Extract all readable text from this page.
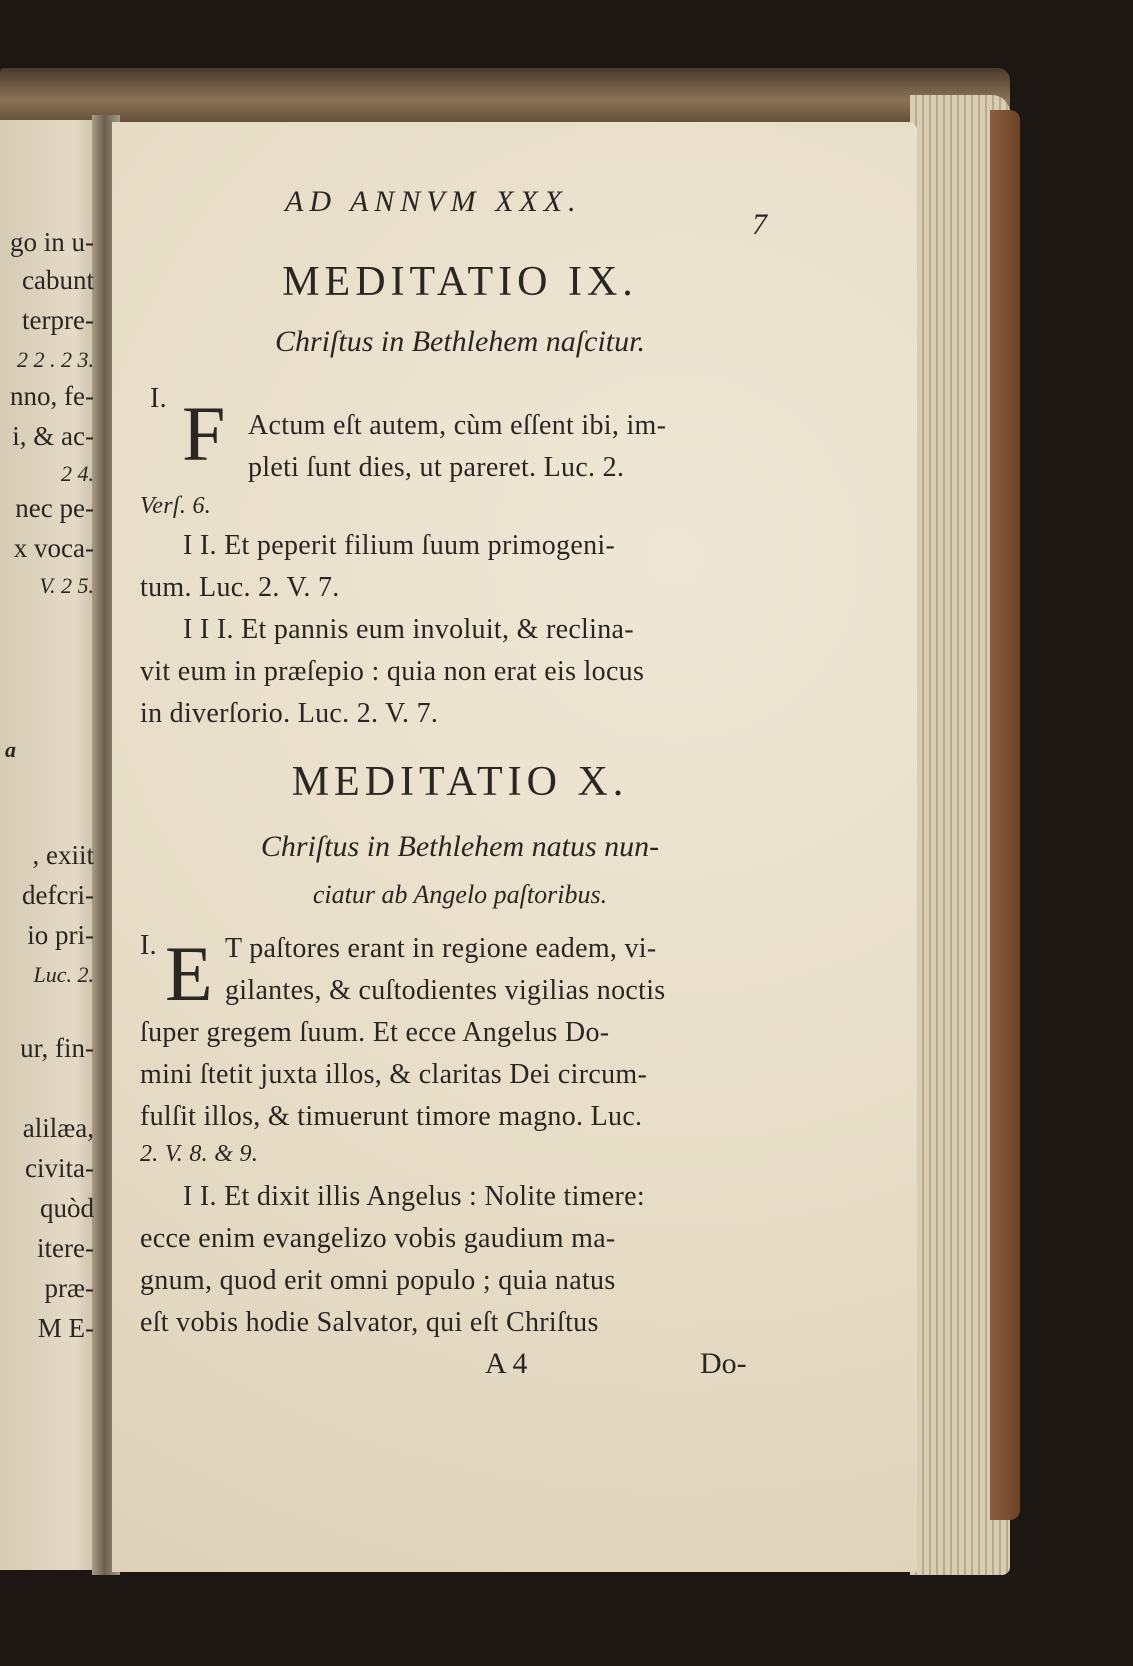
go in u-
cabunt
terpre-
2 2 . 2 3.
nno, fe-
i, & ac-
2 4.
nec pe-
x voca-
V. 2 5.
a
, exiit
defcri-
io pri-
Luc. 2.
ur, fin-
alilæa,
civita-
quòd
itere-
præ-
M E-
AD ANNVM XXX.
7
MEDITATIO IX.
Chriſtus in Bethlehem naſcitur.
I. F Actum eſt autem, cùm eſſent ibi, im-
pleti ſunt dies, ut pareret. Luc. 2.
Verſ. 6.
I I. Et peperit filium ſuum primogeni-
tum. Luc. 2. V. 7.
I I I. Et pannis eum involuit, & reclina-
vit eum in præſepio : quia non erat eis locus
in diverſorio. Luc. 2. V. 7.
MEDITATIO X.
Chriſtus in Bethlehem natus nun-
ciatur ab Angelo paſtoribus.
I. E T paſtores erant in regione eadem, vi-
gilantes, & cuſtodientes vigilias noctis
ſuper gregem ſuum. Et ecce Angelus Do-
mini ſtetit juxta illos, & claritas Dei circum-
fulſit illos, & timuerunt timore magno. Luc.
2. V. 8. & 9.
I I. Et dixit illis Angelus : Nolite timere:
ecce enim evangelizo vobis gaudium ma-
gnum, quod erit omni populo ; quia natus
eſt vobis hodie Salvator, qui eſt Chriſtus
A 4	Do-
